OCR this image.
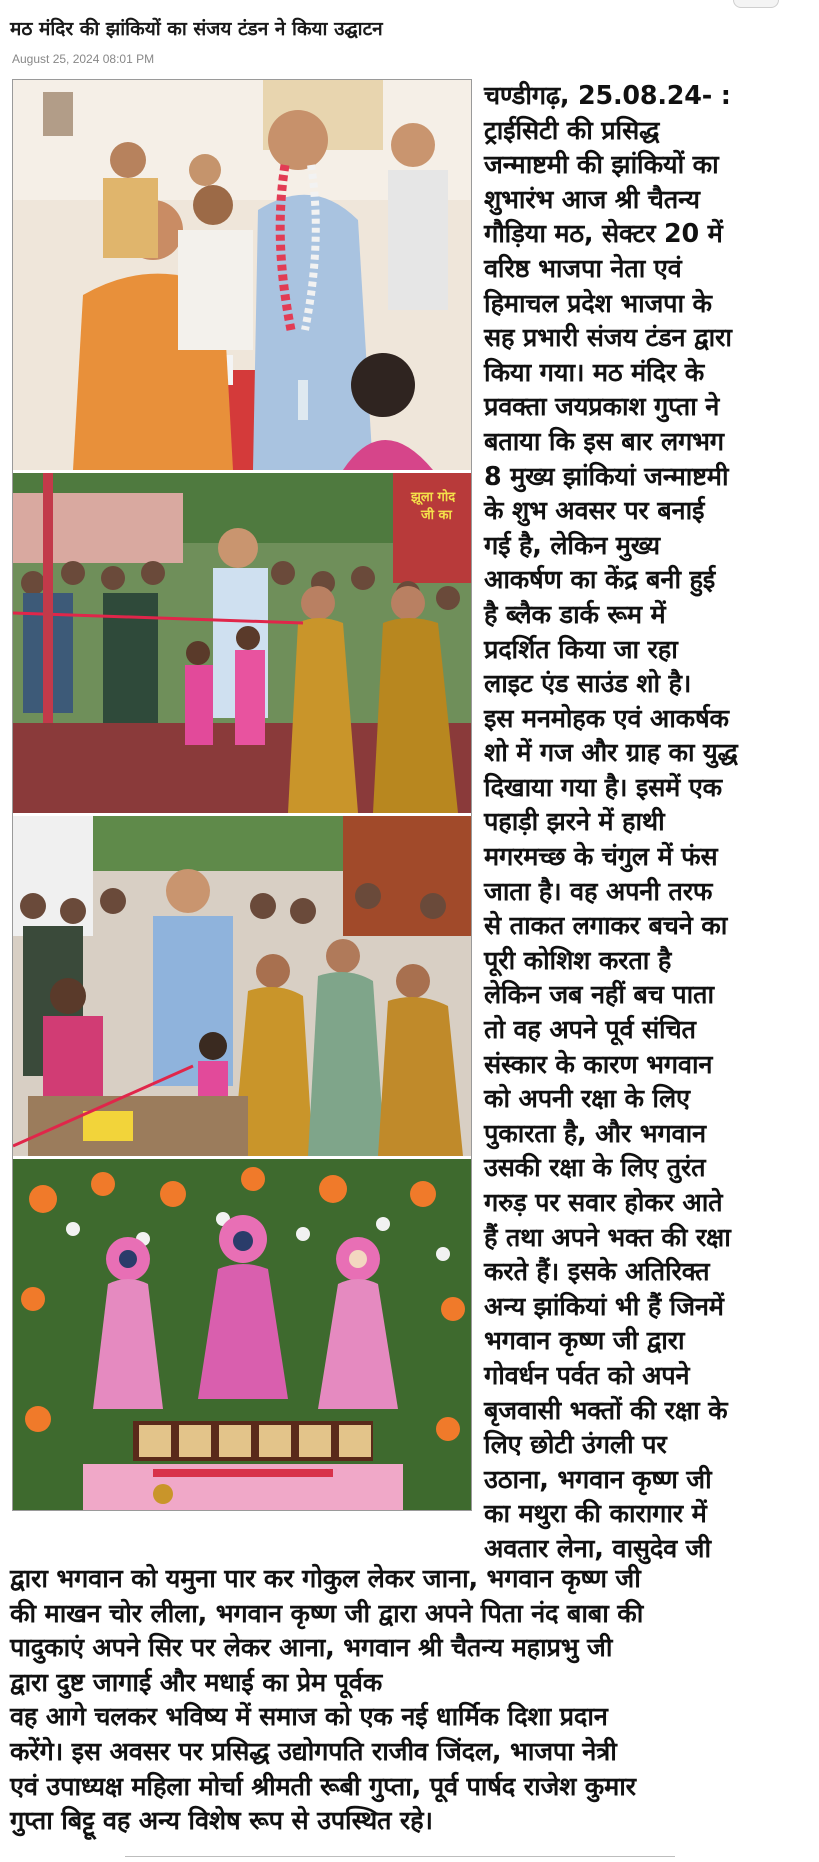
मठ मंदिर की झांकियों का संजय टंडन ने किया उद्घाटन
August 25, 2024 08:01 PM
झूला गोद जी का

चण्डीगढ़, 25.08.24- :
ट्राईसिटी की प्रसिद्ध
जन्माष्टमी की झांकियों का
शुभारंभ आज श्री चैतन्य
गौड़िया मठ, सेक्टर 20 में
वरिष्ठ भाजपा नेता एवं
हिमाचल प्रदेश भाजपा के
सह प्रभारी संजय टंडन द्वारा
किया गया। मठ मंदिर के
प्रवक्ता जयप्रकाश गुप्ता ने
बताया कि इस बार लगभग
8 मुख्य झांकियां जन्माष्टमी
के शुभ अवसर पर बनाई
गई है, लेकिन मुख्य
आकर्षण का केंद्र बनी हुई
है ब्लैक डार्क रूम में
प्रदर्शित किया जा रहा
लाइट एंड साउंड शो है।
इस मनमोहक एवं आकर्षक
शो में गज और ग्राह का युद्ध
दिखाया गया है। इसमें एक
पहाड़ी झरने में हाथी
मगरमच्छ के चंगुल में फंस
जाता है। वह अपनी तरफ
से ताकत लगाकर बचने का
पूरी कोशिश करता है
लेकिन जब नहीं बच पाता
तो वह अपने पूर्व संचित
संस्कार के कारण भगवान
को अपनी रक्षा के लिए
पुकारता है, और भगवान
उसकी रक्षा के लिए तुरंत
गरुड़ पर सवार होकर आते
हैं तथा अपने भक्त की रक्षा
करते हैं। इसके अतिरिक्त
अन्य झांकियां भी हैं जिनमें
भगवान कृष्ण जी द्वारा
गोवर्धन पर्वत को अपने
बृजवासी भक्तों की रक्षा के
लिए छोटी उंगली पर
उठाना, भगवान कृष्ण जी
का मथुरा की कारागार में
अवतार लेना, वासुदेव जी

द्वारा भगवान को यमुना पार कर गोकुल लेकर जाना, भगवान कृष्ण जी
की माखन चोर लीला, भगवान कृष्ण जी द्वारा अपने पिता नंद बाबा की
पादुकाएं अपने सिर पर लेकर आना, भगवान श्री चैतन्य महाप्रभु जी
द्वारा दुष्ट जागाई और मधाई का प्रेम पूर्वक
वह आगे चलकर भविष्य में समाज को एक नई धार्मिक दिशा प्रदान
करेंगे। इस अवसर पर प्रसिद्ध उद्योगपति राजीव जिंदल, भाजपा नेत्री
एवं उपाध्यक्ष महिला मोर्चा श्रीमती रूबी गुप्ता, पूर्व पार्षद राजेश कुमार
गुप्ता बिट्टू वह अन्य विशेष रूप से उपस्थित रहे।
